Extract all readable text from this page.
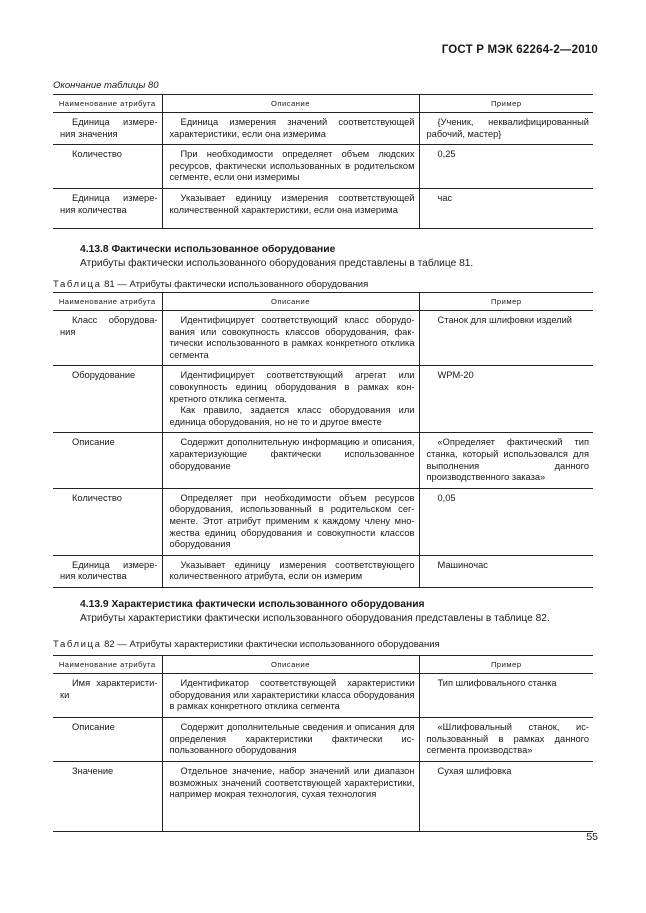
ГОСТ Р МЭК 62264-2—2010
Окончание таблицы 80
Наименование атрибута	Описание	Пример

Единица измерения значения	Единица измерения значений соответствующей характеристики, если она измерима	{Ученик, неквалифицированный рабочий, мастер}

Количество	При необходимости определяет объем людских ресурсов, фактически использованных в родительском сегменте, если они измеримы	0,25

Единица измерения количества	Указывает единицу измерения соответствующей количественной характеристики, если она измерима	час
4.13.8 Фактически использованное оборудование
Атрибуты фактически использованного оборудования представлены в таблице 81.
Таблица 81 — Атрибуты фактически использованного оборудования
Наименование атрибута	Описание	Пример

Класс оборудования	Идентифицирует соответствующий класс оборудования или совокупность классов оборудования, фактически использованного в рамках конкретного отклика сегмента	Станок для шлифовки изделий

Оборудование	Идентифицирует соответствующий агрегат или совокупность единиц оборудования в рамках конкретного отклика сегмента.
Как правило, задается класс оборудования или единица оборудования, но не то и другое вместе	WPM-20

Описание	Содержит дополнительную информацию и описания, характеризующие фактически использованное оборудование	«Определяет фактический тип станка, который использовался для выполнения данного производственного заказа»

Количество	Определяет при необходимости объем ресурсов оборудования, использованный в родительском сегменте. Этот атрибут применим к каждому члену множества единиц оборудования и совокупности классов оборудования	0,05

Единица измерения количества	Указывает единицу измерения соответствующего количественного атрибута, если он измерим	Машиночас
4.13.9 Характеристика фактически использованного оборудования
Атрибуты характеристики фактически использованного оборудования представлены в таблице 82.
Таблица 82 — Атрибуты характеристики фактически использованного оборудования
Наименование атрибута	Описание	Пример

Имя характеристики	Идентификатор соответствующей характеристики оборудования или характеристики класса оборудования в рамках конкретного отклика сегмента	Тип шлифовального станка

Описание	Содержит дополнительные сведения и описания для определения характеристики фактически использованного оборудования	«Шлифовальный станок, использованный в рамках данного сегмента производства»

Значение	Отдельное значение, набор значений или диапазон возможных значений соответствующей характеристики, например мокрая технология, сухая технология	Сухая шлифовка
55
